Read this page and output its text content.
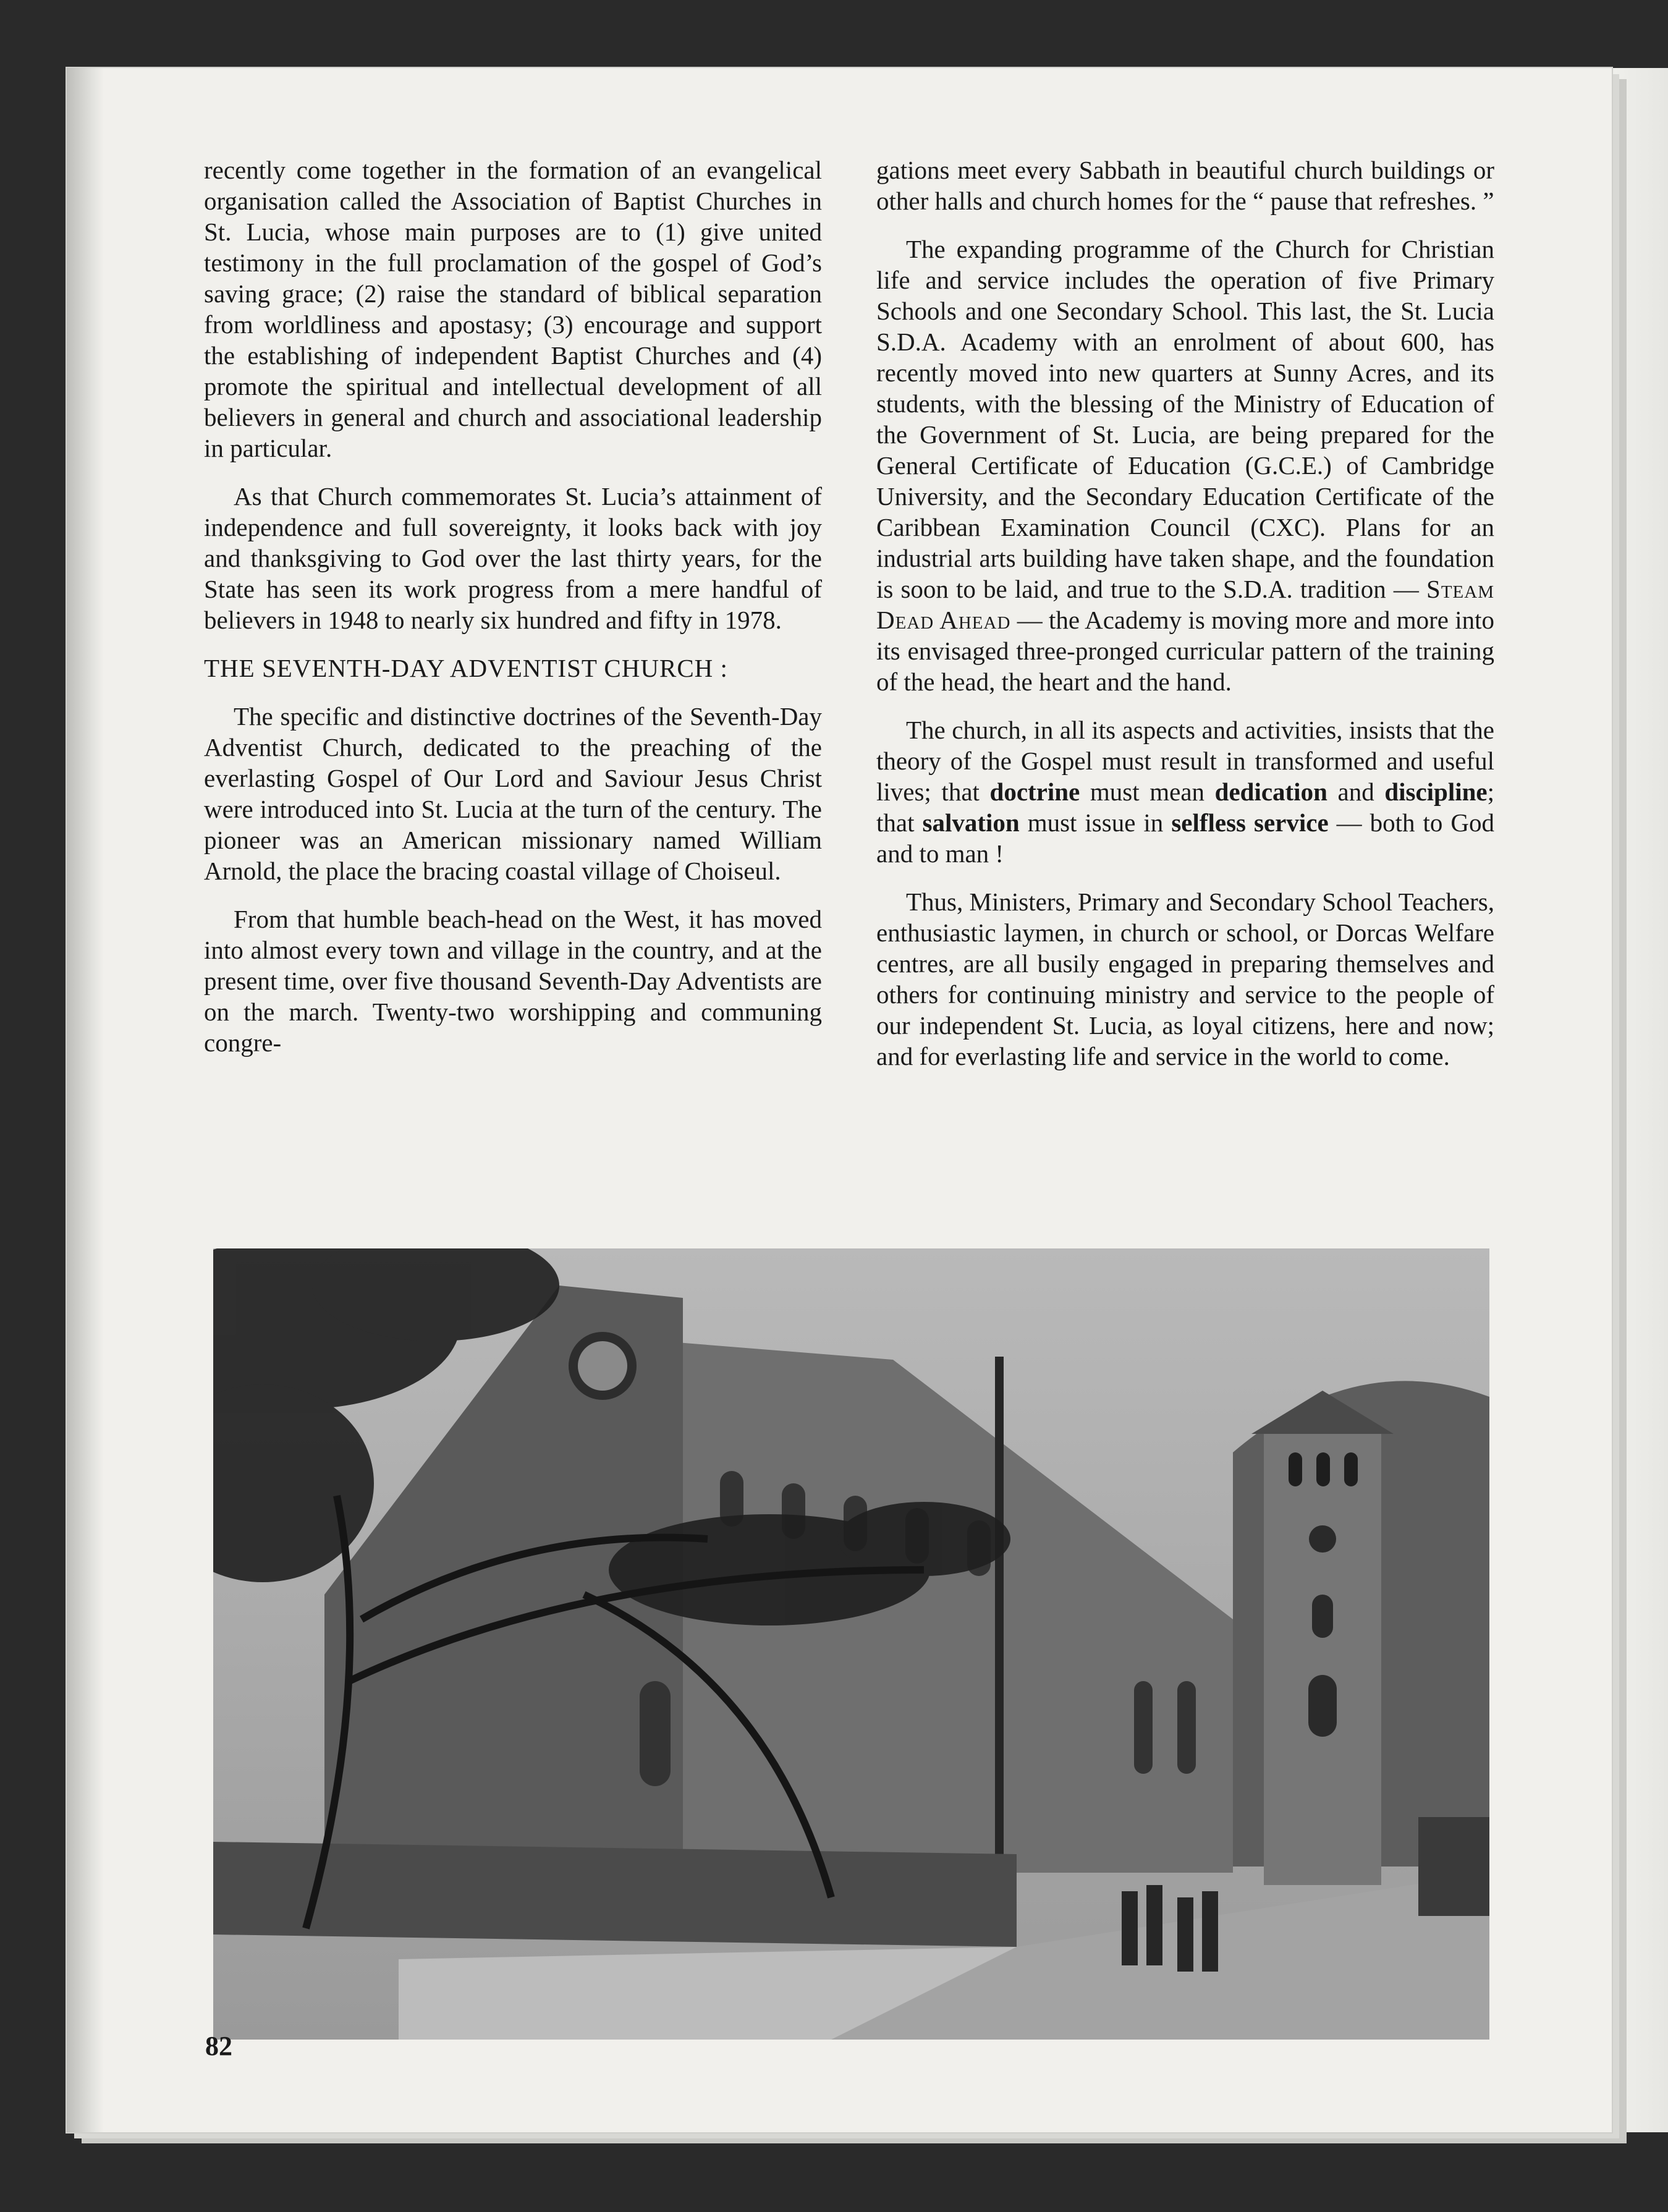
recently come together in the formation of an evangelical organisation called the Association of Baptist Churches in St. Lucia, whose main purposes are to (1) give united testimony in the full proclamation of the gospel of God’s saving grace; (2) raise the standard of biblical separation from worldliness and apostasy; (3) encourage and support the establishing of independent Baptist Churches and (4) promote the spiritual and intellectual development of all believers in general and church and associational leadership in particular.

As that Church commemorates St. Lucia’s attainment of independence and full sovereignty, it looks back with joy and thanksgiving to God over the last thirty years, for the State has seen its work progress from a mere handful of believers in 1948 to nearly six hundred and fifty in 1978.

THE SEVENTH-DAY ADVENTIST CHURCH :

The specific and distinctive doctrines of the Seventh-Day Adventist Church, dedicated to the preaching of the everlasting Gospel of Our Lord and Saviour Jesus Christ were introduced into St. Lucia at the turn of the century. The pioneer was an American missionary named William Arnold, the place the bracing coastal village of Choiseul.

From that humble beach-head on the West, it has moved into almost every town and village in the country, and at the present time, over five thousand Seventh-Day Adventists are on the march. Twenty-two worshipping and communing congre-

gations meet every Sabbath in beautiful church buildings or other halls and church homes for the “ pause that refreshes. ”

The expanding programme of the Church for Christian life and service includes the operation of five Primary Schools and one Secondary School. This last, the St. Lucia S.D.A. Academy with an enrolment of about 600, has recently moved into new quarters at Sunny Acres, and its students, with the blessing of the Ministry of Education of the Government of St. Lucia, are being prepared for the General Certificate of Education (G.C.E.) of Cambridge University, and the Secondary Education Certificate of the Caribbean Examination Council (CXC). Plans for an industrial arts building have taken shape, and the foundation is soon to be laid, and true to the S.D.A. tradition — Steam Dead Ahead — the Academy is moving more and more into its envisaged three-pronged curricular pattern of the training of the head, the heart and the hand.

The church, in all its aspects and activities, insists that the theory of the Gospel must result in transformed and useful lives; that doctrine must mean dedication and discipline; that salvation must issue in selfless service — both to God and to man !

Thus, Ministers, Primary and Secondary School Teachers, enthusiastic laymen, in church or school, or Dorcas Welfare centres, are all busily engaged in preparing themselves and others for continuing ministry and service to the people of our independent St. Lucia, as loyal citizens, here and now; and for everlasting life and service in the world to come.

82
